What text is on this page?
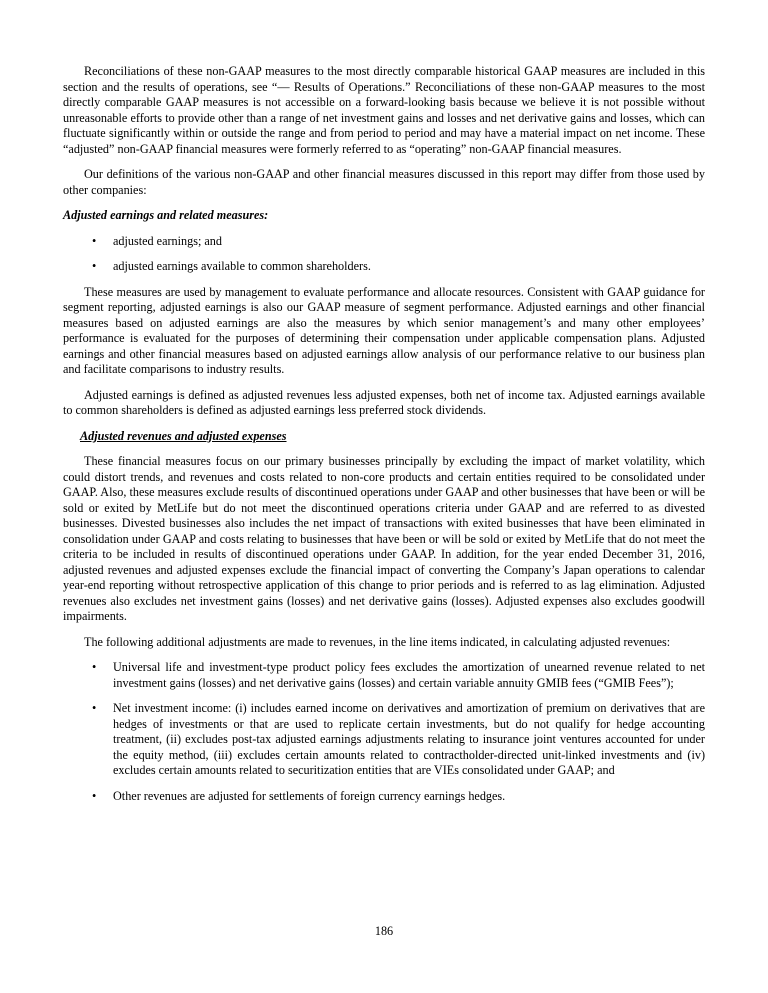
Reconciliations of these non-GAAP measures to the most directly comparable historical GAAP measures are included in this section and the results of operations, see “— Results of Operations.” Reconciliations of these non-GAAP measures to the most directly comparable GAAP measures is not accessible on a forward-looking basis because we believe it is not possible without unreasonable efforts to provide other than a range of net investment gains and losses and net derivative gains and losses, which can fluctuate significantly within or outside the range and from period to period and may have a material impact on net income. These “adjusted” non-GAAP financial measures were formerly referred to as “operating” non-GAAP financial measures.

Our definitions of the various non-GAAP and other financial measures discussed in this report may differ from those used by other companies:

Adjusted earnings and related measures:

•	adjusted earnings; and
•	adjusted earnings available to common shareholders.

These measures are used by management to evaluate performance and allocate resources. Consistent with GAAP guidance for segment reporting, adjusted earnings is also our GAAP measure of segment performance. Adjusted earnings and other financial measures based on adjusted earnings are also the measures by which senior management’s and many other employees’ performance is evaluated for the purposes of determining their compensation under applicable compensation plans. Adjusted earnings and other financial measures based on adjusted earnings allow analysis of our performance relative to our business plan and facilitate comparisons to industry results.

Adjusted earnings is defined as adjusted revenues less adjusted expenses, both net of income tax. Adjusted earnings available to common shareholders is defined as adjusted earnings less preferred stock dividends.

Adjusted revenues and adjusted expenses

These financial measures focus on our primary businesses principally by excluding the impact of market volatility, which could distort trends, and revenues and costs related to non-core products and certain entities required to be consolidated under GAAP. Also, these measures exclude results of discontinued operations under GAAP and other businesses that have been or will be sold or exited by MetLife but do not meet the discontinued operations criteria under GAAP and are referred to as divested businesses. Divested businesses also includes the net impact of transactions with exited businesses that have been eliminated in consolidation under GAAP and costs relating to businesses that have been or will be sold or exited by MetLife that do not meet the criteria to be included in results of discontinued operations under GAAP. In addition, for the year ended December 31, 2016, adjusted revenues and adjusted expenses exclude the financial impact of converting the Company’s Japan operations to calendar year-end reporting without retrospective application of this change to prior periods and is referred to as lag elimination. Adjusted revenues also excludes net investment gains (losses) and net derivative gains (losses). Adjusted expenses also excludes goodwill impairments.

The following additional adjustments are made to revenues, in the line items indicated, in calculating adjusted revenues:

•	Universal life and investment-type product policy fees excludes the amortization of unearned revenue related to net investment gains (losses) and net derivative gains (losses) and certain variable annuity GMIB fees (“GMIB Fees”);
•	Net investment income: (i) includes earned income on derivatives and amortization of premium on derivatives that are hedges of investments or that are used to replicate certain investments, but do not qualify for hedge accounting treatment, (ii) excludes post-tax adjusted earnings adjustments relating to insurance joint ventures accounted for under the equity method, (iii) excludes certain amounts related to contractholder-directed unit-linked investments and (iv) excludes certain amounts related to securitization entities that are VIEs consolidated under GAAP; and
•	Other revenues are adjusted for settlements of foreign currency earnings hedges.
186
